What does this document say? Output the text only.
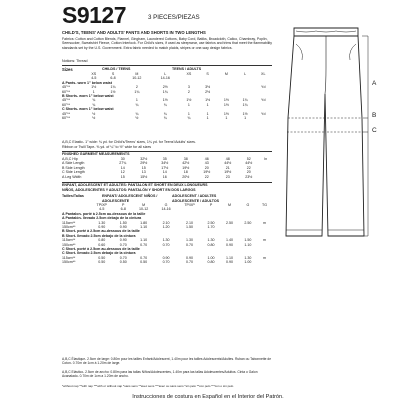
S9127	3 PIECES/PIEZAS
CHILD'S, TEENS' AND ADULTS' PANTS AND SHORTS IN TWO LENGTHS
Fabrics: Cotton and Cotton Blends, Flannel, Gingham, Laundered Cottons, Baby Cord, Batiks, Broadcloth, Calico, Chambray, Poplin, Seersucker, Sweatshirt Fleece, Cotton Interlock. For Child's sizes, if used as sleepwear, use fabrics and trims that meet the flammability standards set by the U.S. Government. Extra fabric needed to match plaids, stripes or one-way design fabrics.
Notions: Thread
Sizes	CHILDS / TEENS	TEENS / ADULTS
	XS	S	M	L	XS	S	M	L	XL
	4-5	6-8	10-12	14-16					
A Pants- worn 1" below waist									
45"**	1½	1¾	2	2½	3	3½			Yd
60"**	1	1½	1¾	1¾	2	2½			
B Shorts- worn 1" below waist									
45"**	¾		1	1½	1½	1½	1½	1¾	Yd
60"**	¾		¾	¾	1	1	1½	1¾	
C Shorts- worn 1" below waist									
45"**	½		¾	¾	1	1	1½	1½	Yd
60"**	½		½	¾	¾	1	1	1	
A,B,C Elastic- 1" wide: ¾ yd. for Child's/Teens' sizes, 1¼ yd. for Teens'/Adults' sizes.
Ribbon or Twill Tape- ⅝ yd. of ¼" to ½" wide for all sizes
FINISHED GARMENT MEASUREMENTS
A,B,C Hip	30	32½	35	38	46	48	52	In
A Side Length	27¾	29½	34½	42½	43	44½	44½	
B Side Length	14	15	17½	19½	20	21	22	
C Side Length	12	13	14	18	19½	19½	20	
A Leg Width	15	15½	16	20½	22	23	23½	
ENFANT, ADOLESCENT ET ADULTES: PANTALON ET SHORT EN DEUX LONGUEURS
NIÑOS, ADOLESCENTES Y ADULTOS: PANTALÓN Y SHORT EN DOS LARGOS
Tailles/Tallas	ENFANT/ ADOLESCENT NIÑOS / ADOLESCENTE
ADOLESCENT / ADULTES ADOLESCENTE / ADULTOS
	TP/XP	P	M	G	TP/XP	P	M	G	TG
	4-5	6-8	10-12	14-16					
A Pantalon- porté à 2.5cm au-dessous de la taille									
A Pantalón- llevado 2.5cm debajo de la cintura									
115cm**	1.30	1.50	1.80	2.10	2.10	2.50	2.50	2.50	m
150cm**	0.90	0.90	1.10	1.20	1.50	1.70			
B Short- porté à 2.5cm au-dessous de la taille									
B Short- llevado 2.5cm debajo de la cintura									
115cm**	0.80	0.90	1.10	1.30	1.30	1.30	1.40	1.50	m
150cm**	0.60	0.70	0.70	0.70	0.70	0.80	0.90	1.10	
C Short- porté à 2.5cm au-dessous de la taille									
C Short- llevado 2.5cm debajo de la cintura									
115cm**	0.50	0.70	0.70	0.90	0.90	1.00	1.10	1.30	m
150cm**	0.50	0.50	0.50	0.70	0.70	0.80	0.90	1.00	
A,B,C Élastique- 2.5cm de large: 0.80m pour les tailles Enfant/Adolescent, 1.40m pour les tailles Adolescents/Adultes. Ruban ou Tabonnette de Coton- 0.70m de 1cm à 1.20m de large.
A,B,C Elástico- 2.5cm de ancho: 0.80m para las tallas Niños/Adolescentes, 1.40m para las tallas Adolescentes/Adultos. Cinta o Galon Acanalado- 0.70m de 1cm a 1.20m de ancho.
*without nap **with nap ***with or without nap *sans sens **avec sens ***avec ou sans sens *sin pelo **con pelo ***con o sin pelo
A
B
C
Instrucciones de costura en Español en el Interior del Patrón.
